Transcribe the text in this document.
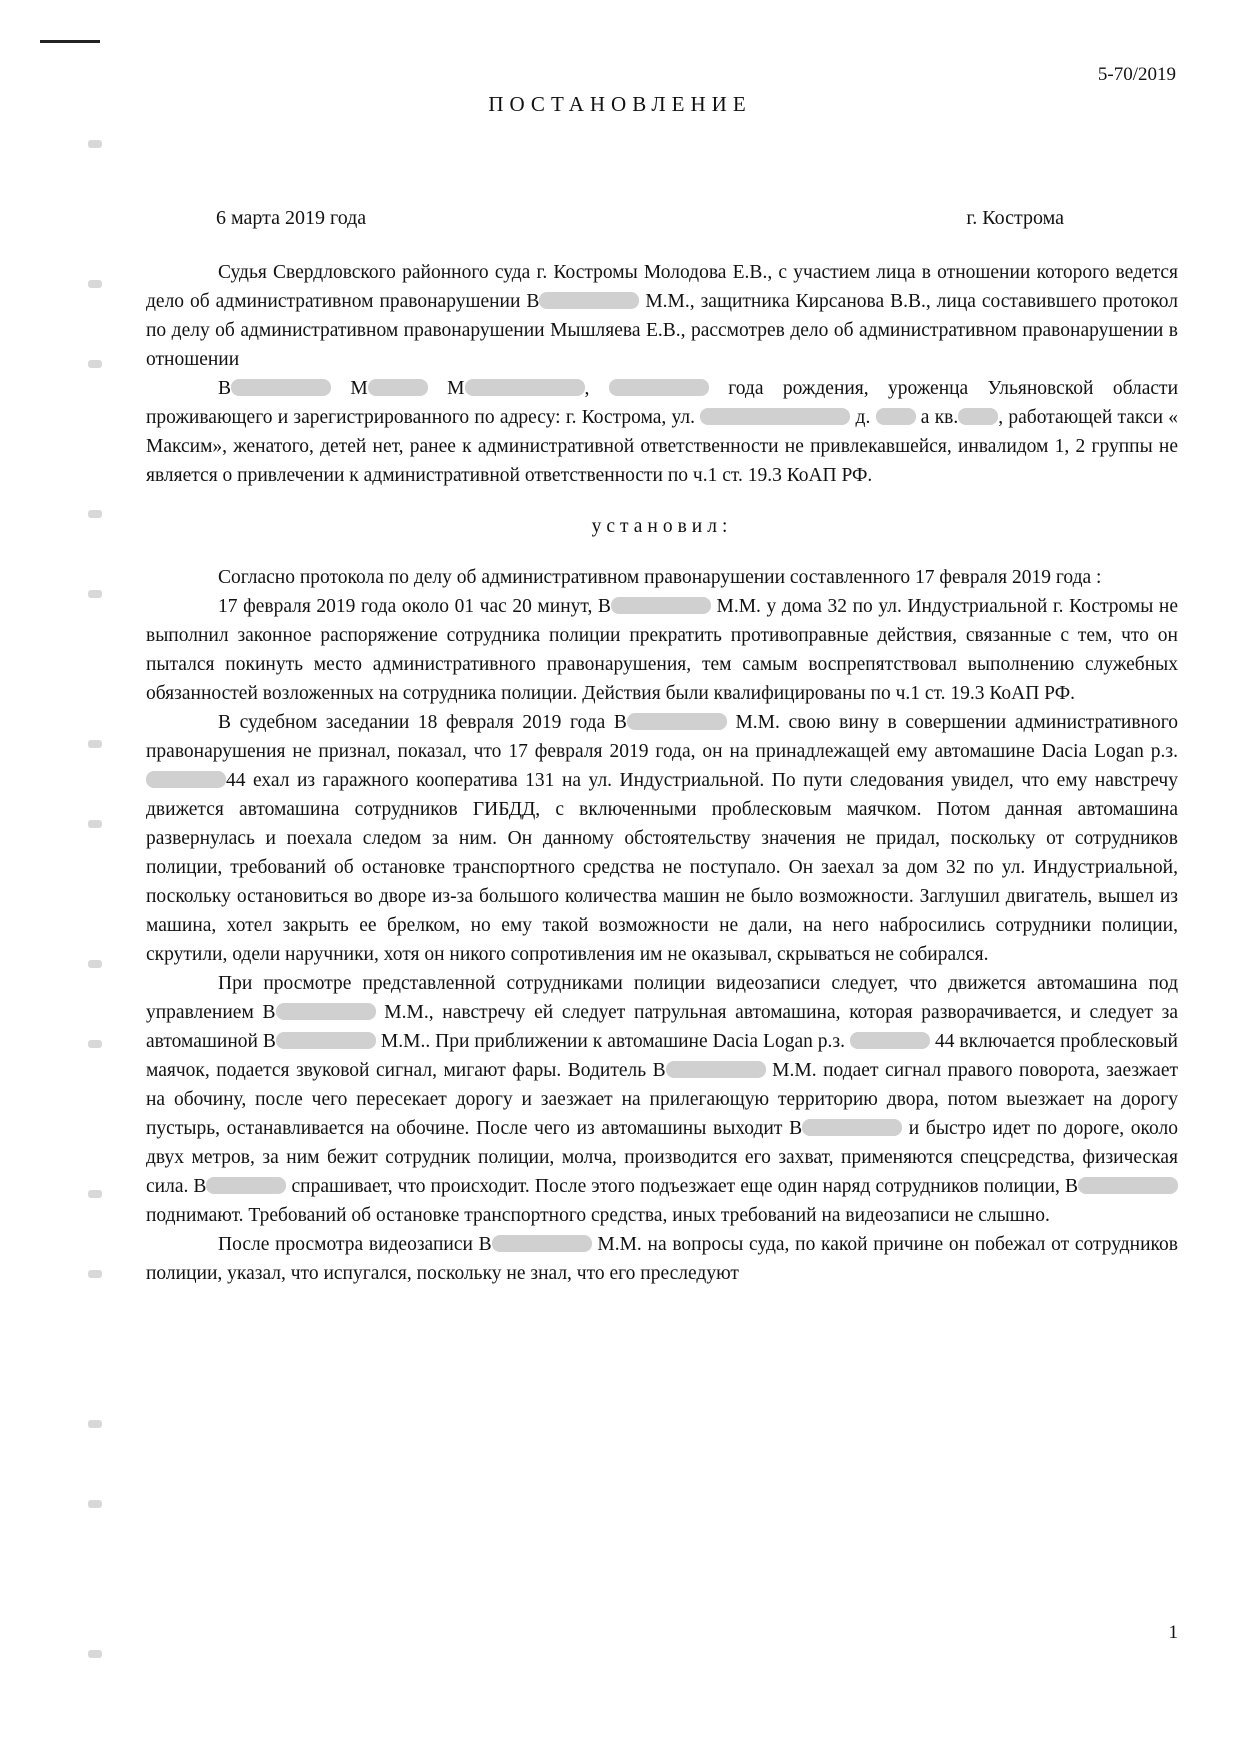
5-70/2019
ПОСТАНОВЛЕНИЕ
6 марта 2019 года	г. Кострома

Судья Свердловского районного суда г. Костромы Молодова Е.В., с участием лица в отношении которого ведется дело об административном правонарушении В	М.М., защитника Кирсанова В.В., лица составившего протокол по делу об административном правонарушении Мышляева Е.В., рассмотрев дело об административном правонарушении в отношении

В	М	М	,	года рождения, уроженца Ульяновской области проживающего и зарегистрированного по адресу: г. Кострома, ул.	д.  а кв. , работающей такси « Максим», женатого, детей нет, ранее к административной ответственности не привлекавшейся, инвалидом 1, 2 группы не является о привлечении к административной ответственности по ч.1 ст. 19.3 КоАП РФ.

установил:

Согласно протокола по делу об административном правонарушении составленного 17 февраля 2019 года :

17 февраля 2019 года около 01 час 20 минут, В	М.М. у дома 32 по ул. Индустриальной г. Костромы не выполнил законное распоряжение сотрудника полиции прекратить противоправные действия, связанные с тем, что он пытался покинуть место административного правонарушения, тем самым воспрепятствовал выполнению служебных обязанностей возложенных на сотрудника полиции. Действия были квалифицированы по ч.1 ст. 19.3 КоАП РФ.

В судебном заседании 18 февраля 2019 года В	М.М. свою вину в совершении административного правонарушения не признал, показал, что 17 февраля 2019 года, он на принадлежащей ему автомашине Dacia Logan р.з. 44 ехал из гаражного кооператива 131 на ул. Индустриальной. По пути следования увидел, что ему навстречу движется автомашина сотрудников ГИБДД, с включенными проблесковым маячком. Потом данная автомашина развернулась и поехала следом за ним. Он данному обстоятельству значения не придал, поскольку от сотрудников полиции, требований об остановке транспортного средства не поступало. Он заехал за дом 32 по ул. Индустриальной, поскольку остановиться во дворе из-за большого количества машин не было возможности. Заглушил двигатель, вышел из машина, хотел закрыть ее брелком, но ему такой возможности не дали, на него набросились сотрудники полиции, скрутили, одели наручники, хотя он никого сопротивления им не оказывал, скрываться не собирался.

При просмотре представленной сотрудниками полиции видеозаписи следует, что движется автомашина под управлением В	М.М., навстречу ей следует патрульная автомашина, которая разворачивается, и следует за автомашиной В	М.М.. При приближении к автомашине Dacia Logan р.з.	44 включается проблесковый маячок, подается звуковой сигнал, мигают фары. Водитель В	М.М. подает сигнал правого поворота, заезжает на обочину, после чего пересекает дорогу и заезжает на прилегающую территорию двора, потом выезжает на дорогу пустырь, останавливается на обочине. После чего из автомашины выходит В	и быстро идет по дороге, около двух метров, за ним бежит сотрудник полиции, молча, производится его захват, применяются спецсредства, физическая сила. В	спрашивает, что происходит. После этого подъезжает еще один наряд сотрудников полиции, В поднимают. Требований об остановке транспортного средства, иных требований на видеозаписи не слышно.

После просмотра видеозаписи В	М.М. на вопросы суда, по какой причине он побежал от сотрудников полиции, указал, что испугался, поскольку не знал, что его преследуют

1
